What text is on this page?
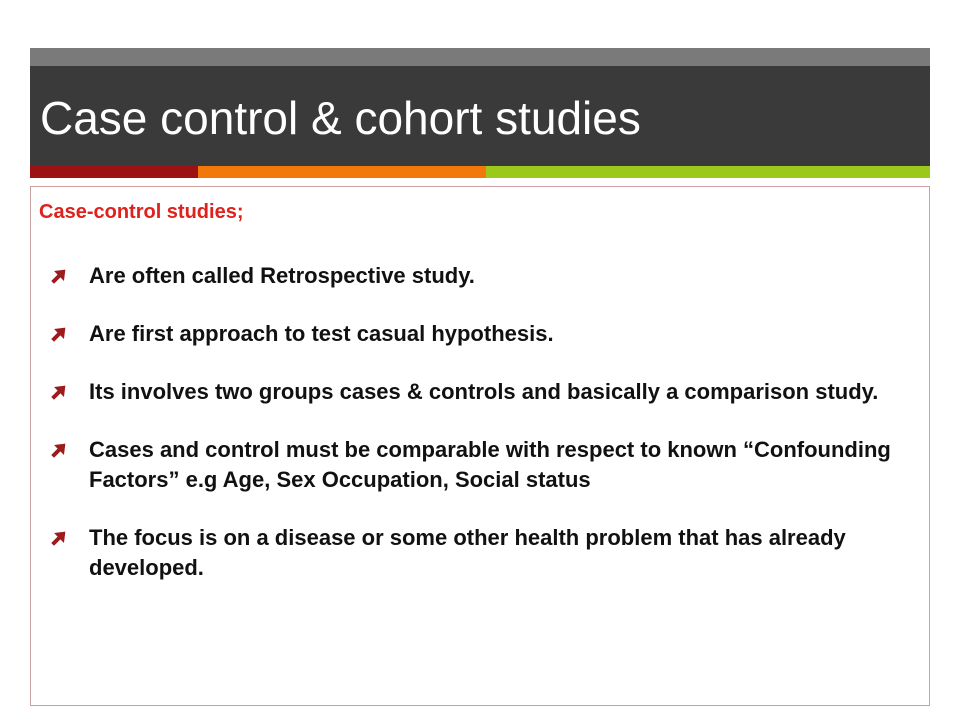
Case control & cohort studies
Case-control studies;
Are often called Retrospective study.
Are first approach to test casual hypothesis.
Its involves two groups cases & controls and basically a comparison study.
Cases and control must be comparable with respect to known “Confounding Factors” e.g Age, Sex Occupation, Social status
The focus is on a disease or some other health problem that has already developed.
